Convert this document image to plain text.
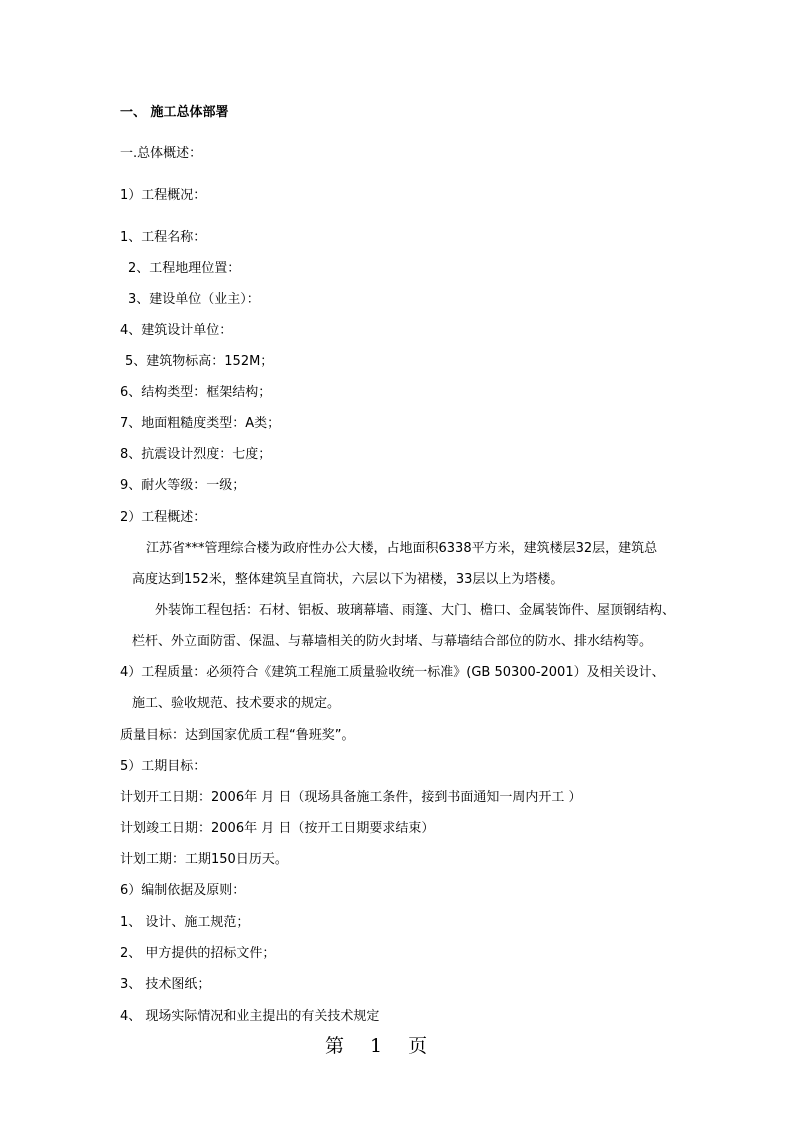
一、 施工总体部署
一.总体概述：
1）工程概况：
1、工程名称：
2、工程地理位置：
3、建设单位（业主）：
4、建筑设计单位：
5、建筑物标高：152M；
6、结构类型：框架结构；
7、地面粗糙度类型：A类；
8、抗震设计烈度：七度；
9、耐火等级：一级；
2）工程概述：
江苏省***管理综合楼为政府性办公大楼，占地面积6338平方米，建筑楼层32层，建筑总
高度达到152米，整体建筑呈直筒状，六层以下为裙楼，33层以上为塔楼。
外装饰工程包括：石材、铝板、玻璃幕墙、雨篷、大门、檐口、金属装饰件、屋顶钢结构、
栏杆、外立面防雷、保温、与幕墙相关的防火封堵、与幕墙结合部位的防水、排水结构等。
4）工程质量：必须符合《建筑工程施工质量验收统一标准》(GB 50300-2001）及相关设计、
施工、验收规范、技术要求的规定。
质量目标：达到国家优质工程“鲁班奖”。
5）工期目标：
计划开工日期：2006年 月 日（现场具备施工条件，接到书面通知一周内开工 ）
计划竣工日期：2006年 月 日（按开工日期要求结束）
计划工期：工期150日历天。
6）编制依据及原则：
1、 设计、施工规范；
2、 甲方提供的招标文件；
3、 技术图纸；
4、 现场实际情况和业主提出的有关技术规定
第 1 页
